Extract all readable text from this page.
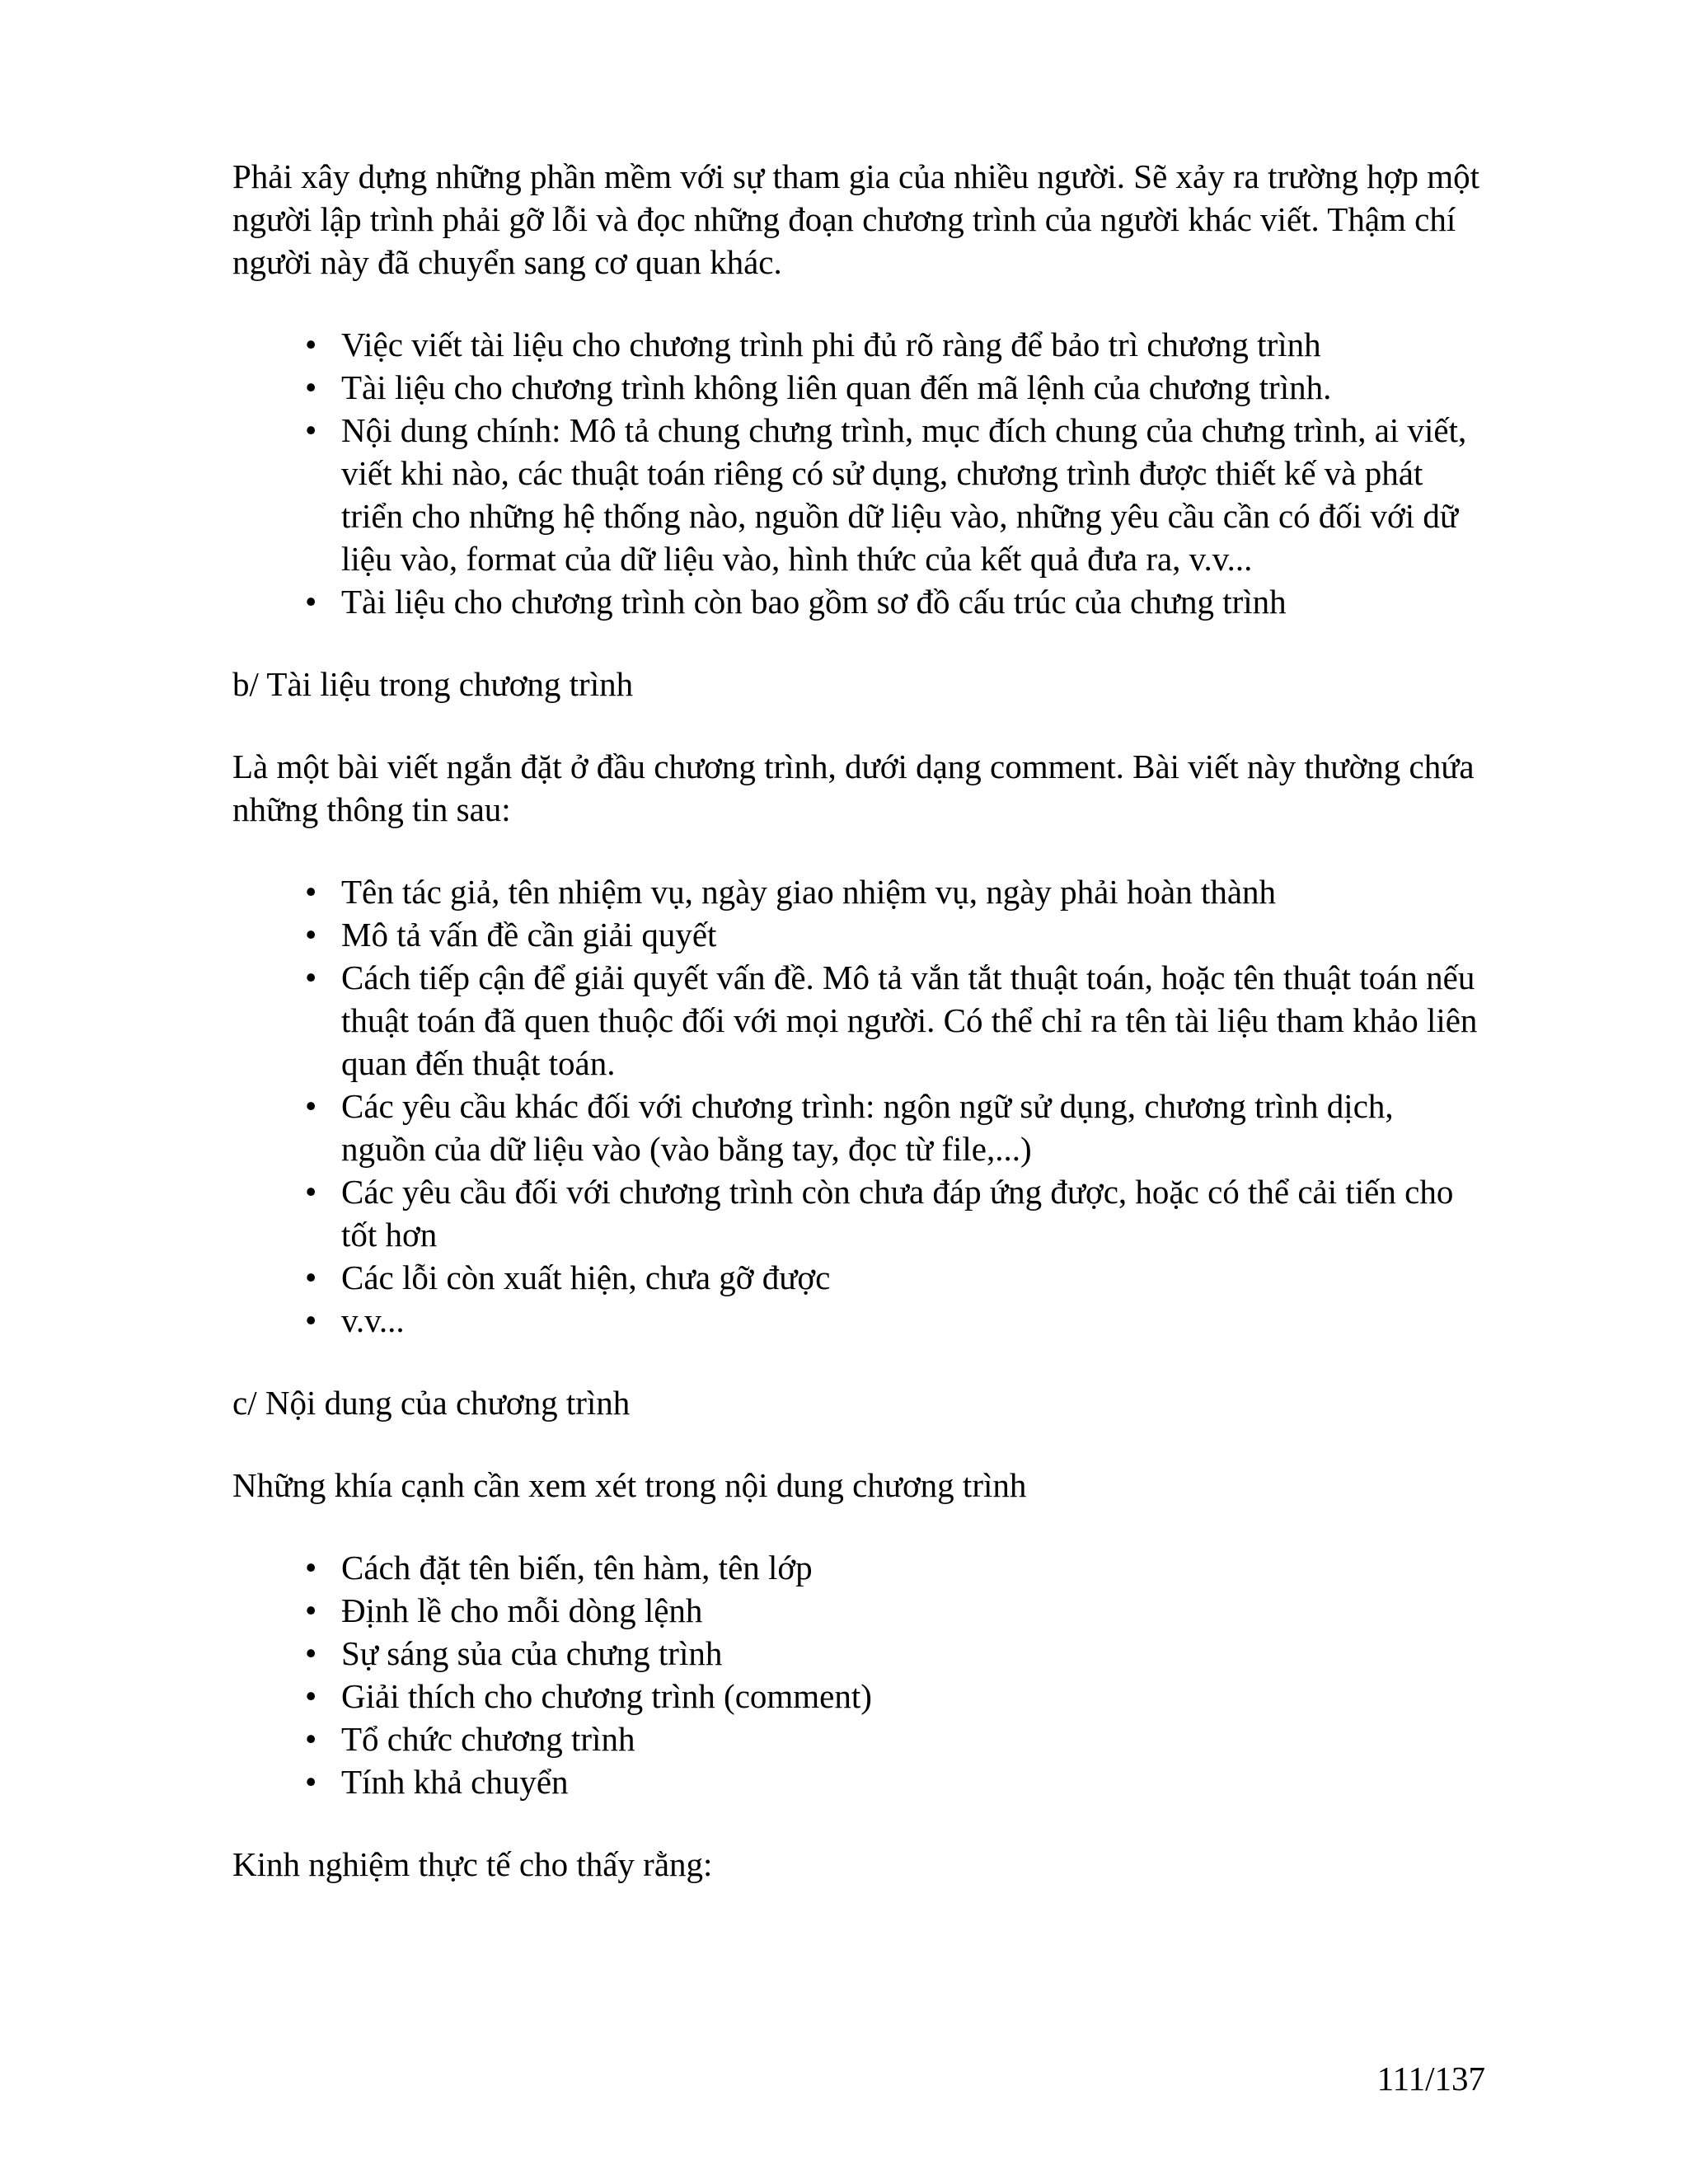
Phải xây dựng những phần mềm với sự tham gia của nhiều người. Sẽ xảy ra trường hợp một người lập trình phải gỡ lỗi và đọc những đoạn chương trình của người khác viết. Thậm chí người này đã chuyển sang cơ quan khác.

• Việc viết tài liệu cho chương trình phi đủ rõ ràng để bảo trì chương trình
• Tài liệu cho chương trình không liên quan đến mã lệnh của chương trình.
• Nội dung chính: Mô tả chung chưng trình, mục đích chung của chưng trình, ai viết, viết khi nào, các thuật toán riêng có sử dụng, chương trình được thiết kế và phát triển cho những hệ thống nào, nguồn dữ liệu vào, những yêu cầu cần có đối với dữ liệu vào, format của dữ liệu vào, hình thức của kết quả đưa ra, v.v...
• Tài liệu cho chương trình còn bao gồm sơ đồ cấu trúc của chưng trình

b/ Tài liệu trong chương trình

Là một bài viết ngắn đặt ở đầu chương trình, dưới dạng comment. Bài viết này thường chứa những thông tin sau:

• Tên tác giả, tên nhiệm vụ, ngày giao nhiệm vụ, ngày phải hoàn thành
• Mô tả vấn đề cần giải quyết
• Cách tiếp cận để giải quyết vấn đề. Mô tả vắn tắt thuật toán, hoặc tên thuật toán nếu thuật toán đã quen thuộc đối với mọi người. Có thể chỉ ra tên tài liệu tham khảo liên quan đến thuật toán.
• Các yêu cầu khác đối với chương trình: ngôn ngữ sử dụng, chương trình dịch, nguồn của dữ liệu vào (vào bằng tay, đọc từ file,...)
• Các yêu cầu đối với chương trình còn chưa đáp ứng được, hoặc có thể cải tiến cho tốt hơn
• Các lỗi còn xuất hiện, chưa gỡ được
• v.v...

c/ Nội dung của chương trình

Những khía cạnh cần xem xét trong nội dung chương trình

• Cách đặt tên biến, tên hàm, tên lớp
• Định lề cho mỗi dòng lệnh
• Sự sáng sủa của chưng trình
• Giải thích cho chương trình (comment)
• Tổ chức chương trình
• Tính khả chuyển

Kinh nghiệm thực tế cho thấy rằng:

111/137
